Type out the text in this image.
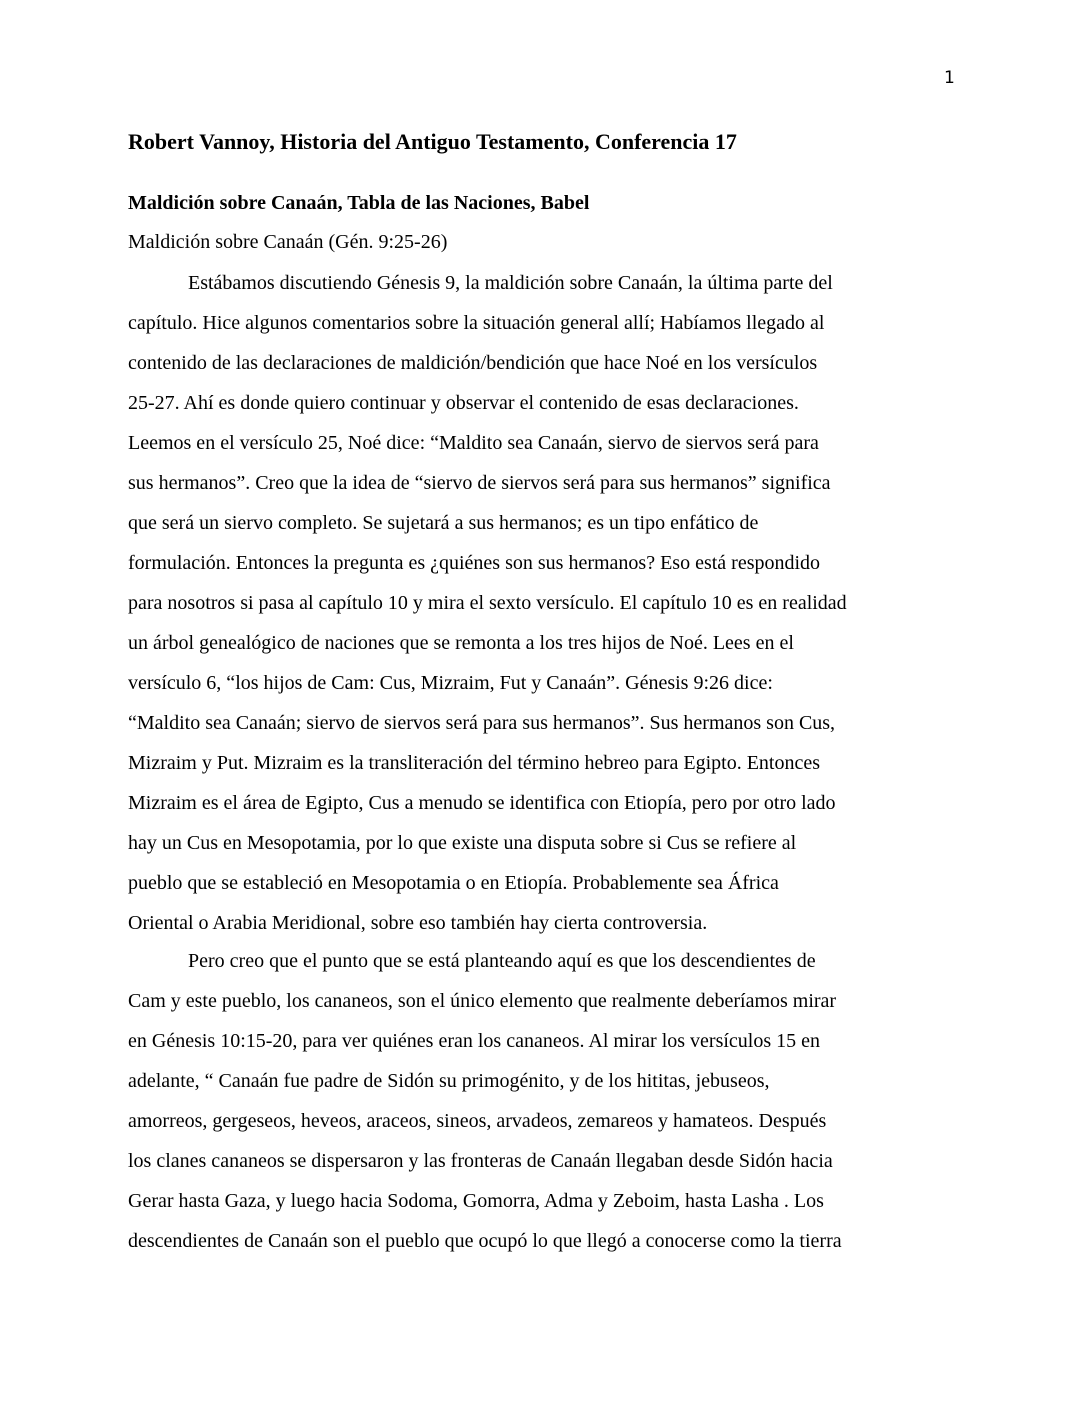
1
Robert Vannoy, Historia del Antiguo Testamento, Conferencia 17
Maldición sobre Canaán, Tabla de las Naciones, Babel
Maldición sobre Canaán (Gén. 9:25-26)
Estábamos discutiendo Génesis 9, la maldición sobre Canaán, la última parte del
capítulo. Hice algunos comentarios sobre la situación general allí; Habíamos llegado al
contenido de las declaraciones de maldición/bendición que hace Noé en los versículos
25-27. Ahí es donde quiero continuar y observar el contenido de esas declaraciones.
Leemos en el versículo 25, Noé dice: “Maldito sea Canaán, siervo de siervos será para
sus hermanos”. Creo que la idea de “siervo de siervos será para sus hermanos” significa
que será un siervo completo. Se sujetará a sus hermanos; es un tipo enfático de
formulación. Entonces la pregunta es ¿quiénes son sus hermanos? Eso está respondido
para nosotros si pasa al capítulo 10 y mira el sexto versículo. El capítulo 10 es en realidad
un árbol genealógico de naciones que se remonta a los tres hijos de Noé. Lees en el
versículo 6, “los hijos de Cam: Cus, Mizraim, Fut y Canaán”. Génesis 9:26 dice:
“Maldito sea Canaán; siervo de siervos será para sus hermanos”. Sus hermanos son Cus,
Mizraim y Put. Mizraim es la transliteración del término hebreo para Egipto. Entonces
Mizraim es el área de Egipto, Cus a menudo se identifica con Etiopía, pero por otro lado
hay un Cus en Mesopotamia, por lo que existe una disputa sobre si Cus se refiere al
pueblo que se estableció en Mesopotamia o en Etiopía. Probablemente sea África
Oriental o Arabia Meridional, sobre eso también hay cierta controversia.
Pero creo que el punto que se está planteando aquí es que los descendientes de
Cam y este pueblo, los cananeos, son el único elemento que realmente deberíamos mirar
en Génesis 10:15-20, para ver quiénes eran los cananeos. Al mirar los versículos 15 en
adelante, “ Canaán fue padre de Sidón su primogénito, y de los hititas, jebuseos,
amorreos, gergeseos, heveos, araceos, sineos, arvadeos, zemareos y hamateos. Después
los clanes cananeos se dispersaron y las fronteras de Canaán llegaban desde Sidón hacia
Gerar hasta Gaza, y luego hacia Sodoma, Gomorra, Adma y Zeboim, hasta Lasha . Los
descendientes de Canaán son el pueblo que ocupó lo que llegó a conocerse como la tierra
